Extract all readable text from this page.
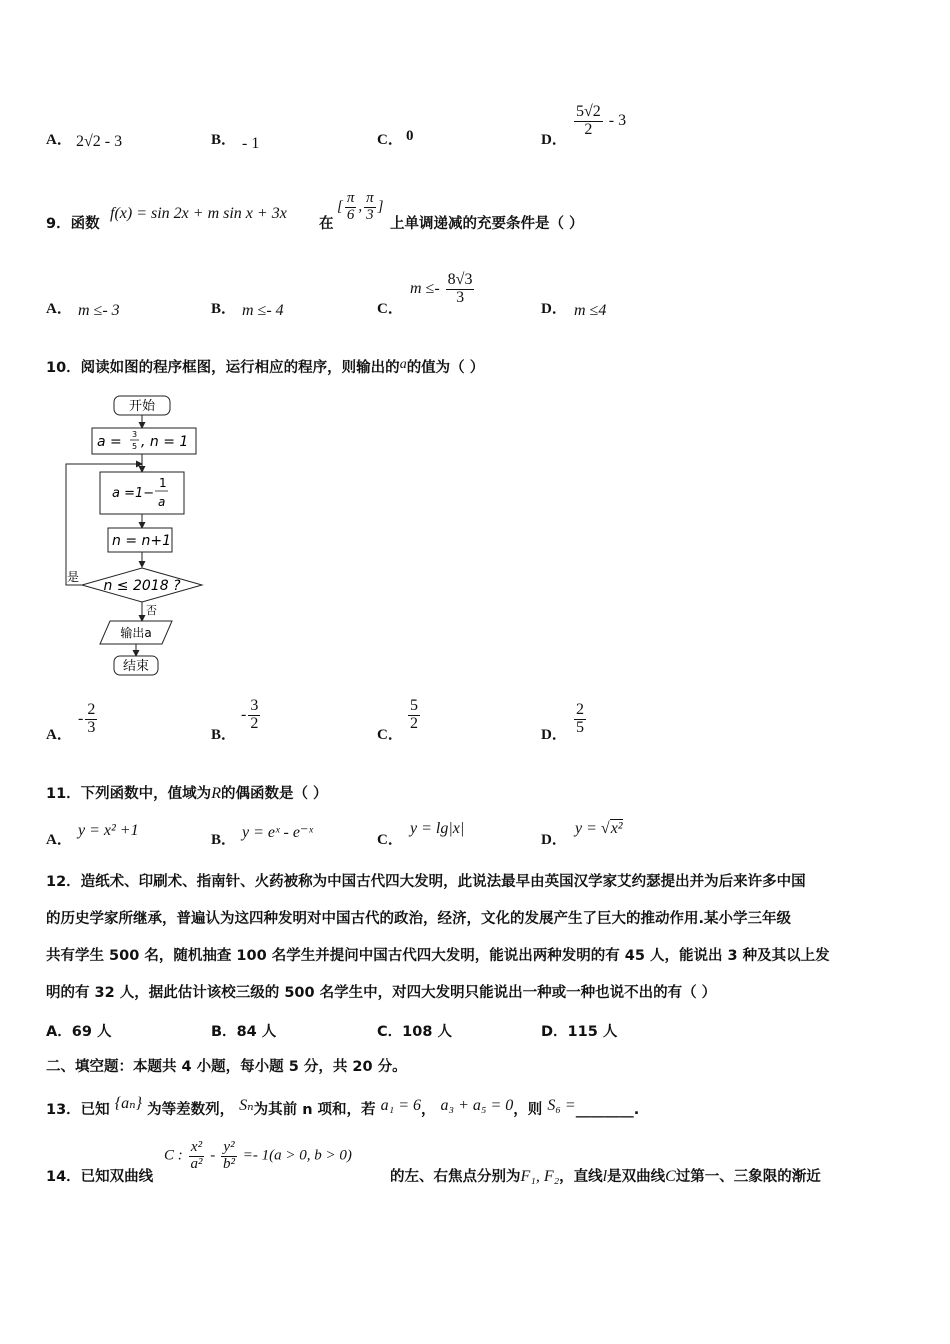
A． 2√2 - 3	B． - 1	C． 0	D．
$\frac{5√2}{2} - 3$
9．函数
f(x) = sin 2x + m sin x + 3x
在
[ $\frac{\pi}{6}$ , $\frac{\pi}{3}$ ]
上单调递减的充要条件是（ ）
A． m ≤- 3	B． m ≤- 4	C．
$m \le- \frac{8√3}{3}$
D． m ≤4
10．阅读如图的程序框图，运行相应的程序，则输出的a的值为（ ）
开始
a = 3
5 , n = 1
a =1−
1
a
n = n+1
n ≤ 2018 ?
是
否
输出a
结束
A．
- $\frac{2}{3}$	B．
- $\frac{3}{2}$
C．
$\frac{5}{2}$
D． $\frac{2}{5}$
11．下列函数中，值域为R的偶函数是（ ）
A．
y = x² +1
B． y = eˣ - e⁻ˣ	C．
y = lg|x|
D．
y = √x²
12．造纸术、印刷术、指南针、火药被称为中国古代四大发明，此说法最早由英国汉学家艾约瑟提出并为后来许多中国
的历史学家所继承，普遍认为这四种发明对中国古代的政治，经济，文化的发展产生了巨大的推动作用.某小学三年级
共有学生 500 名，随机抽查 100 名学生并提问中国古代四大发明，能说出两种发明的有 45 人，能说出 3 种及其以上发
明的有 32 人，据此估计该校三级的 500 名学生中，对四大发明只能说出一种或一种也说不出的有（ ）
A．69 人	B．84 人	C．108 人	D．115 人
二、填空题：本题共 4 小题，每小题 5 分，共 20 分。
13．已知 {aₙ} 为等差数列， Sₙ为其前 n 项和，若 a₁ = 6， a₃ + a₅ = 0，则 S₆ =________.
14．已知双曲线
C : $\frac{\text{x²}}{\text{a²}} - \frac{\text{y²}}{\text{b²}} =- 1(a > 0$, b > 0)
的左、右焦点分别为F₁, F₂，直线l是双曲线C过第一、三象限的渐近
